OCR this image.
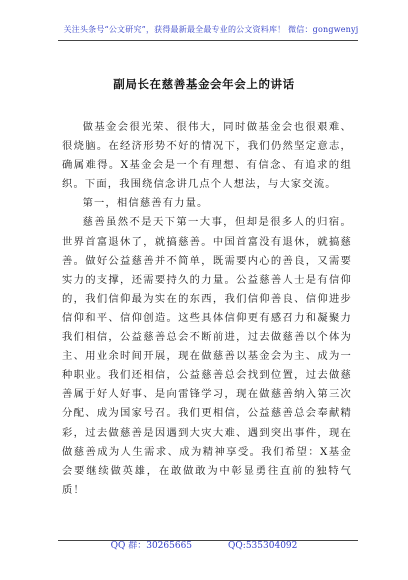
关注头条号“公文研究”，获得最新最全最专业的公文资料库！ 微信：gongwenyj
副局长在慈善基金会年会上的讲话

做基金会很光荣、很伟大，同时做基金会也很艰难、很烧脑。在经济形势不好的情况下，我们仍然坚定意志，确属难得。X基金会是一个有理想、有信念、有追求的组织。下面，我围绕信念讲几点个人想法，与大家交流。

第一，相信慈善有力量。

慈善虽然不是天下第一大事，但却是很多人的归宿。世界首富退休了，就搞慈善。中国首富没有退休，就搞慈善。做好公益慈善并不简单，既需要内心的善良，又需要实力的支撑，还需要持久的力量。公益慈善人士是有信仰的，我们信仰最为实在的东西，我们信仰善良、信仰进步信仰和平、信仰创造。这些具体信仰更有感召力和凝聚力我们相信，公益慈善总会不断前进，过去做慈善以个体为主、用业余时间开展，现在做慈善以基金会为主、成为一种职业。我们还相信，公益慈善总会找到位置，过去做慈善属于好人好事、是向雷锋学习，现在做慈善纳入第三次分配、成为国家号召。我们更相信，公益慈善总会奉献精彩，过去做慈善是因遇到大灾大难、遇到突出事件，现在做慈善成为人生需求、成为精神享受。我们希望：X基金会要继续做英雄，在敢做敢为中彰显勇往直前的独特气质！

QQ 群：30265665	QQ:535304092
